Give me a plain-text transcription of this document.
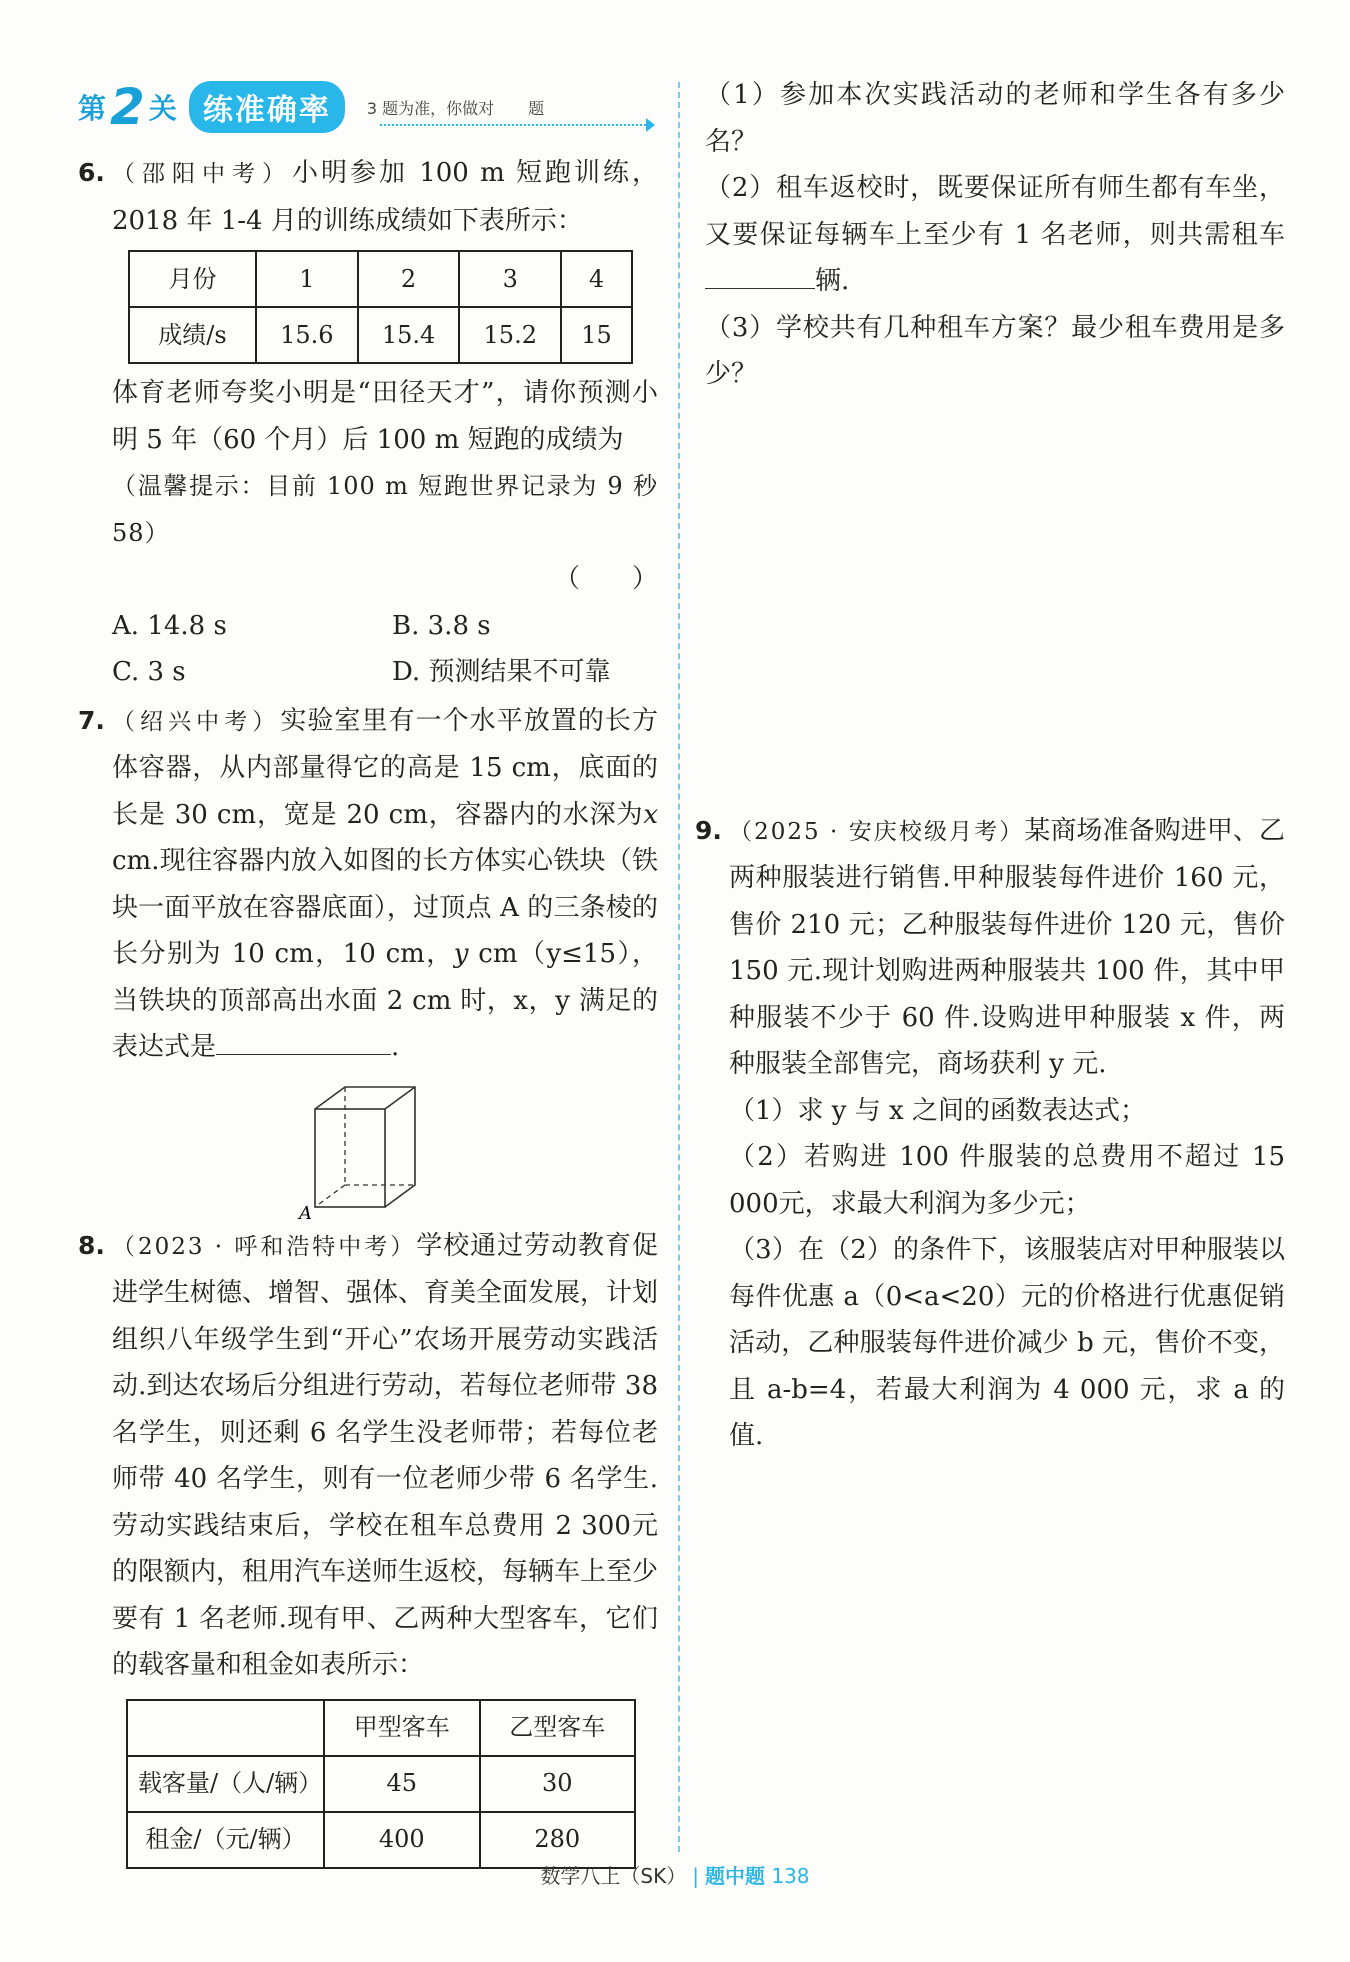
第 2 关 练准确率	3 题为准，你做对 题
6. （邵阳中考）小明参加 100 m 短跑训练，2018 年 1-4 月的训练成绩如下表所示：

月份	1	2	3	4
成绩/s	15.6	15.4	15.2	15

体育老师夸奖小明是“田径天才”，请你预测小明 5 年（60 个月）后 100 m 短跑的成绩为

（温馨提示：目前 100 m 短跑世界记录为 9 秒 58）

（　　）
A. 14.8 s	B. 3.8 s
C. 3 s	D. 预测结果不可靠
7. （绍兴中考）实验室里有一个水平放置的长方体容器，从内部量得它的高是 15 cm，底面的长是 30 cm，宽是 20 cm，容器内的水深为x cm.现往容器内放入如图的长方体实心铁块（铁块一面平放在容器底面），过顶点 A 的三条棱的长分别为 10 cm，10 cm，y cm（y≤15），当铁块的顶部高出水面 2 cm 时，x，y 满足的表达式是	.

A
8. （2023 · 呼和浩特中考）学校通过劳动教育促进学生树德、增智、强体、育美全面发展，计划组织八年级学生到“开心”农场开展劳动实践活动.到达农场后分组进行劳动，若每位老师带 38 名学生，则还剩 6 名学生没老师带；若每位老师带 40 名学生，则有一位老师少带 6 名学生.劳动实践结束后，学校在租车总费用 2 300元的限额内，租用汽车送师生返校，每辆车上至少要有 1 名老师.现有甲、乙两种大型客车，它们的载客量和租金如表所示：

	甲型客车	乙型客车
载客量/（人/辆）	45	30
租金/（元/辆）	400	280

（1）参加本次实践活动的老师和学生各有多少名？

（2）租车返校时，既要保证所有师生都有车坐，又要保证每辆车上至少有 1 名老师，则共需租车辆.

（3）学校共有几种租车方案？最少租车费用是多少？

9. （2025 · 安庆校级月考）某商场准备购进甲、乙两种服装进行销售.甲种服装每件进价 160 元，售价 210 元；乙种服装每件进价 120 元，售价 150 元.现计划购进两种服装共 100 件，其中甲种服装不少于 60 件.设购进甲种服装 x 件，两种服装全部售完，商场获利 y 元.

（1）求 y 与 x 之间的函数表达式；

（2）若购进 100 件服装的总费用不超过 15 000元，求最大利润为多少元；

（3）在（2）的条件下，该服装店对甲种服装以每件优惠 a（0<a<20）元的价格进行优惠促销活动，乙种服装每件进价减少 b 元，售价不变，且 a-b=4，若最大利润为 4 000 元，求 a 的值.

数学八上（SK） | 题中题 138
